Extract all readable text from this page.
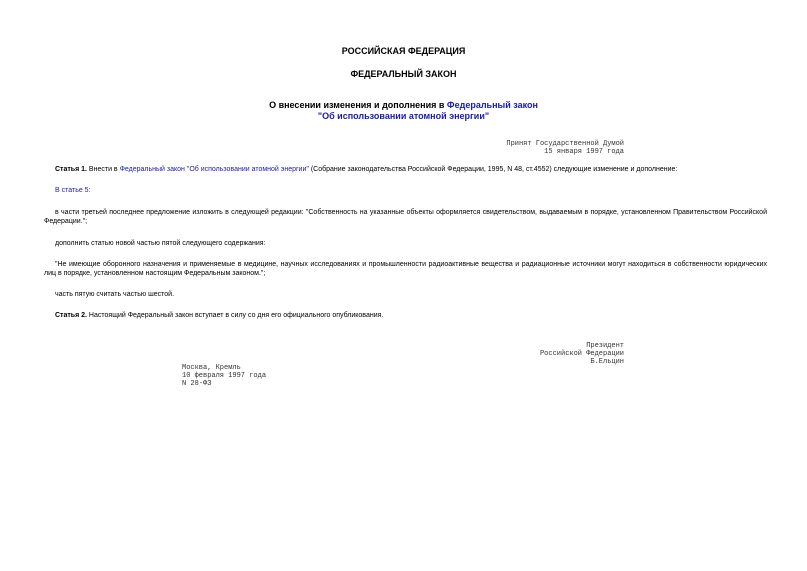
РОССИЙСКАЯ ФЕДЕРАЦИЯ
ФЕДЕРАЛЬНЫЙ ЗАКОН
О внесении изменения и дополнения в Федеральный закон
"Об использовании атомной энергии"
Принят Государственной Думой
15 января 1997 года
Статья 1. Внести в Федеральный закон "Об использовании атомной энергии" (Собрание законодательства Российской Федерации, 1995, N 48, ст.4552) следующие изменение и дополнение:
В статье 5:
в части третьей последнее предложение изложить в следующей редакции: "Собственность на указанные объекты оформляется свидетельством, выдаваемым в порядке, установленном Правительством Российской Федерации.";
дополнить статью новой частью пятой следующего содержания:
"Не имеющие оборонного назначения и применяемые в медицине, научных исследованиях и промышленности радиоактивные вещества и радиационные источники могут находиться в собственности юридических лиц в порядке, установленном настоящим Федеральным законом.";
часть пятую считать частью шестой.
Статья 2. Настоящий Федеральный закон вступает в силу со дня его официального опубликования.
Президент
Российской Федерации
Б.Ельцин
Москва, Кремль
10 февраля 1997 года
N 28-ФЗ
